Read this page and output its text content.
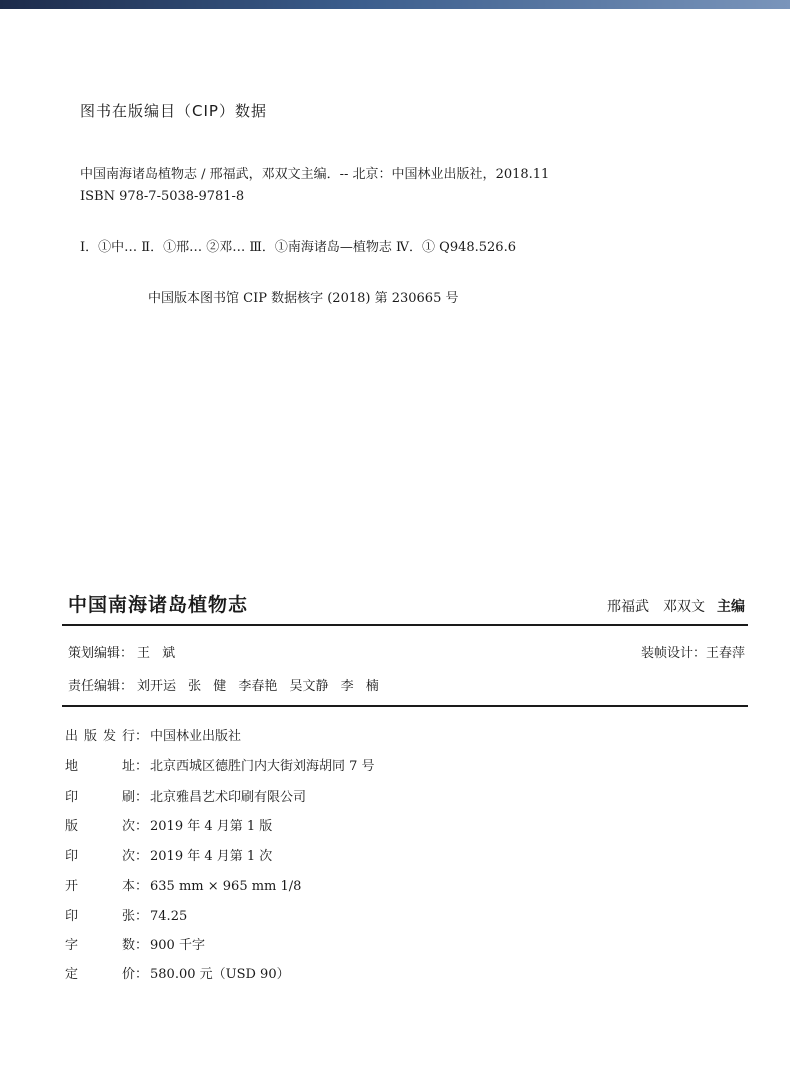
图书在版编目（CIP）数据
中国南海诸岛植物志 / 邢福武，邓双文主编．-- 北京：中国林业出版社，2018.11
ISBN 978-7-5038-9781-8
Ⅰ．①中… Ⅱ．①邢… ②邓… Ⅲ．①南海诸岛—植物志 Ⅳ．① Q948.526.6
中国版本图书馆 CIP 数据核字 (2018) 第 230665 号
中国南海诸岛植物志	邢福武 邓双文 主编
策划编辑： 王 斌	装帧设计：王春萍
责任编辑： 刘开运 张 健 李春艳 吴文静 李 楠
出版发行： 中国林业出版社
地址： 北京西城区德胜门内大街刘海胡同 7 号
印刷： 北京雅昌艺术印刷有限公司
版次： 2019 年 4 月第 1 版
印次： 2019 年 4 月第 1 次
开本： 635 mm × 965 mm 1/8
印张： 74.25
字数： 900 千字
定价： 580.00 元（USD 90）
